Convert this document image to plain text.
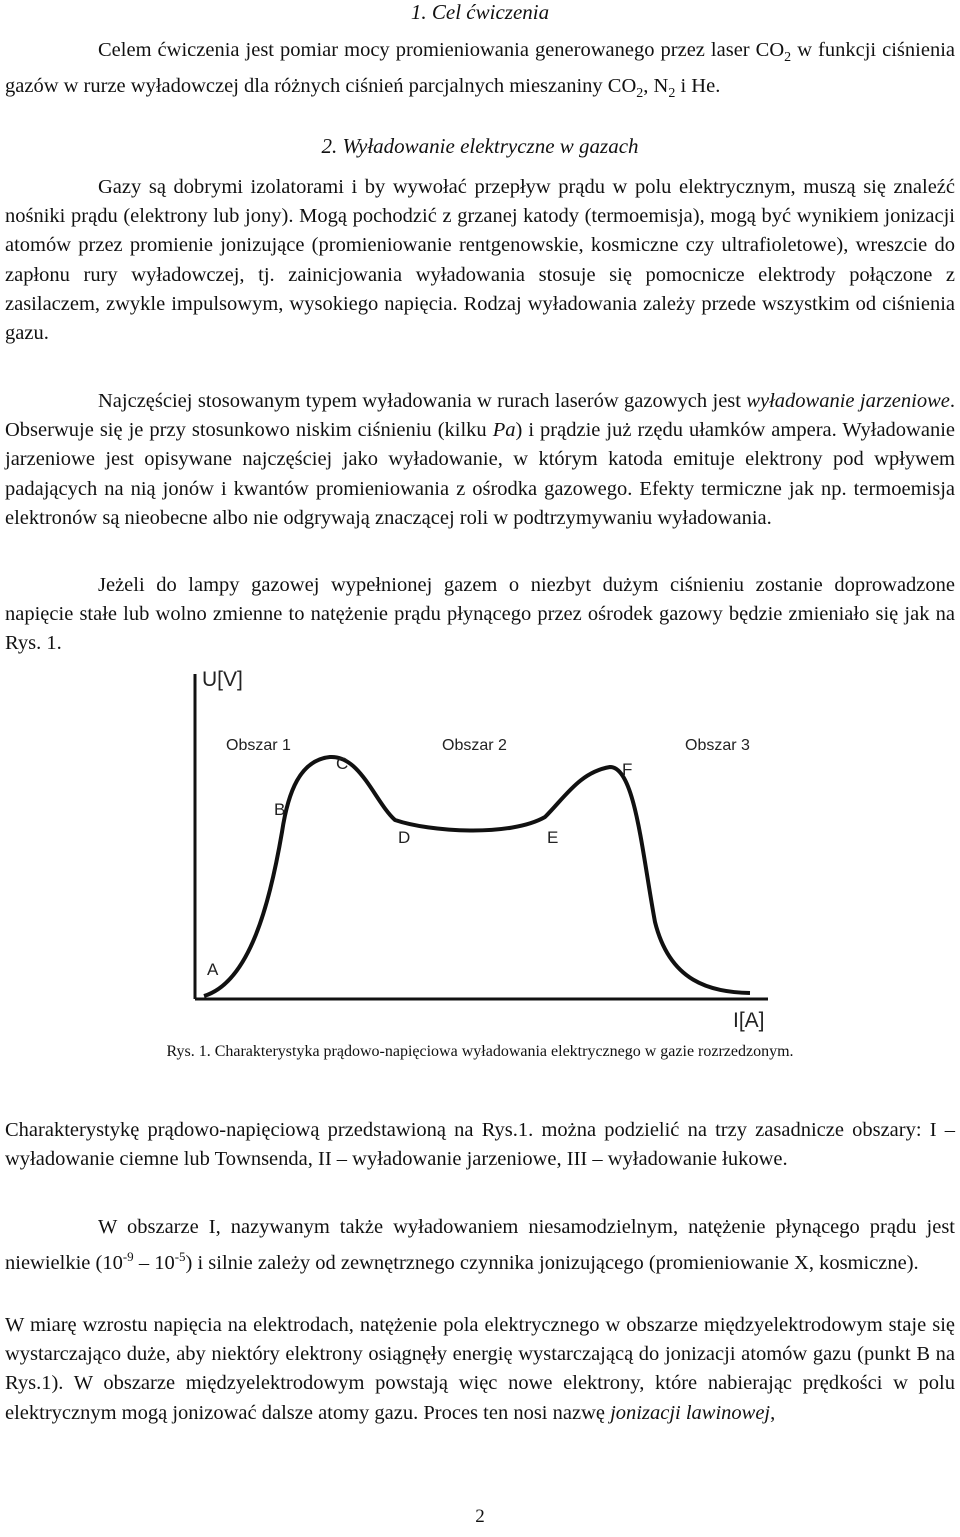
1. Cel ćwiczenia
Celem ćwiczenia jest pomiar mocy promieniowania generowanego przez laser $CO_2$ w funkcji ciśnienia gazów w rurze wyładowczej dla różnych ciśnień parcjalnych mieszaniny $CO_2$, $N_2$ i He.
2. Wyładowanie elektryczne w gazach
Gazy są dobrymi izolatorami i by wywołać przepływ prądu w polu elektrycznym, muszą się znaleźć nośniki prądu (elektrony lub jony). Mogą pochodzić z grzanej katody (termoemisja), mogą być wynikiem jonizacji atomów przez promienie jonizujące (promieniowanie rentgenowskie, kosmiczne czy ultrafioletowe), wreszcie do zapłonu rury wyładowczej, tj. zainicjowania wyładowania stosuje się pomocnicze elektrody połączone z zasilaczem, zwykle impulsowym, wysokiego napięcia. Rodzaj wyładowania zależy przede wszystkim od ciśnienia gazu.
Najczęściej stosowanym typem wyładowania w rurach laserów gazowych jest wyładowanie jarzeniowe. Obserwuje się je przy stosunkowo niskim ciśnieniu (kilku Pa) i prądzie już rzędu ułamków ampera. Wyładowanie jarzeniowe jest opisywane najczęściej jako wyładowanie, w którym katoda emituje elektrony pod wpływem padających na nią jonów i kwantów promieniowania z ośrodka gazowego. Efekty termiczne jak np. termoemisja elektronów są nieobecne albo nie odgrywają znaczącej roli w podtrzymywaniu wyładowania.
Jeżeli do lampy gazowej wypełnionej gazem o niezbyt dużym ciśnieniu zostanie doprowadzone napięcie stałe lub wolno zmienne to natężenie prądu płynącego przez ośrodek gazowy będzie zmieniało się jak na Rys. 1.
U[V]
I[A]
Obszar 1	Obszar 2	Obszar 3
A
B
C
D	E
F
Rys. 1. Charakterystyka prądowo-napięciowa wyładowania elektrycznego w gazie rozrzedzonym.
Charakterystykę prądowo-napięciową przedstawioną na Rys.1. można podzielić na trzy zasadnicze obszary: I – wyładowanie ciemne lub Townsenda, II – wyładowanie jarzeniowe, III – wyładowanie łukowe.
W obszarze I, nazywanym także wyładowaniem niesamodzielnym, natężenie płynącego prądu jest niewielkie $(10^{-9} - 10^{-5})$ i silnie zależy od zewnętrznego czynnika jonizującego (promieniowanie X, kosmiczne).
W miarę wzrostu napięcia na elektrodach, natężenie pola elektrycznego w obszarze międzyelektrodowym staje się wystarczająco duże, aby niektóry elektrony osiągnęły energię wystarczającą do jonizacji atomów gazu (punkt B na Rys.1). W obszarze międzyelektrodowym powstają więc nowe elektrony, które nabierając prędkości w polu elektrycznym mogą jonizować dalsze atomy gazu. Proces ten nosi nazwę jonizacji lawinowej,
2
